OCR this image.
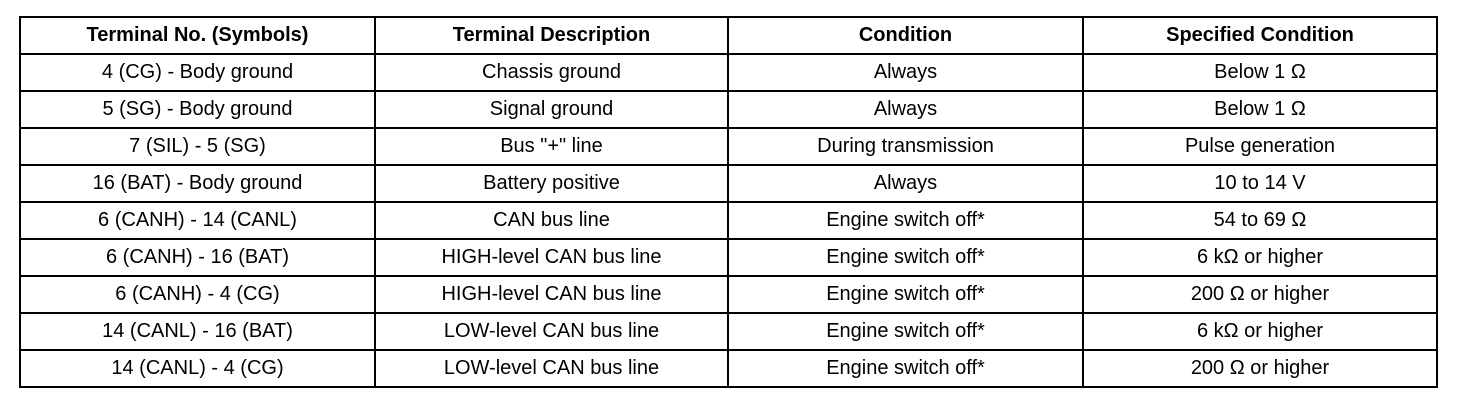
Terminal No. (Symbols)	Terminal Description	Condition	Specified Condition
4 (CG) - Body ground	Chassis ground	Always	Below 1 Ω
5 (SG) - Body ground	Signal ground	Always	Below 1 Ω
7 (SIL) - 5 (SG)	Bus "+" line	During transmission	Pulse generation
16 (BAT) - Body ground	Battery positive	Always	10 to 14 V
6 (CANH) - 14 (CANL)	CAN bus line	Engine switch off*	54 to 69 Ω
6 (CANH) - 16 (BAT)	HIGH-level CAN bus line	Engine switch off*	6 kΩ or higher
6 (CANH) - 4 (CG)	HIGH-level CAN bus line	Engine switch off*	200 Ω or higher
14 (CANL) - 16 (BAT)	LOW-level CAN bus line	Engine switch off*	6 kΩ or higher
14 (CANL) - 4 (CG)	LOW-level CAN bus line	Engine switch off*	200 Ω or higher
